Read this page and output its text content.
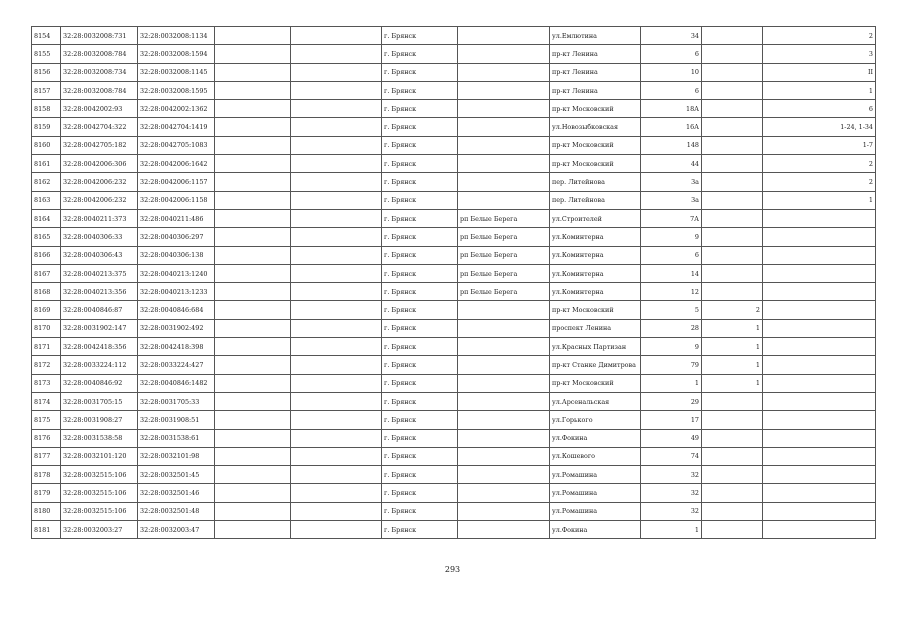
8154	32:28:0032008:731	32:28:0032008:1134			г. Брянск		ул.Емлютина	34		2
8155	32:28:0032008:784	32:28:0032008:1594			г. Брянск		пр-кт Ленина	6		3
8156	32:28:0032008:734	32:28:0032008:1145			г. Брянск		пр-кт Ленина	10		II
8157	32:28:0032008:784	32:28:0032008:1595			г. Брянск		пр-кт Ленина	6		1
8158	32:28:0042002:93	32:28:0042002:1362			г. Брянск		пр-кт Московский	18А		6
8159	32:28:0042704:322	32:28:0042704:1419			г. Брянск		ул.Новозыбковская	16А		1-24, 1-34
8160	32:28:0042705:182	32:28:0042705:1083			г. Брянск		пр-кт Московский	148		1-7
8161	32:28:0042006:306	32:28:0042006:1642			г. Брянск		пр-кт Московский	44		2
8162	32:28:0042006:232	32:28:0042006:1157			г. Брянск		пер. Литейнова	3а		2
8163	32:28:0042006:232	32:28:0042006:1158			г. Брянск		пер. Литейнова	3а		1
8164	32:28:0040211:373	32:28:0040211:486			г. Брянск	рп Белые Берега	ул.Строителей	7А		
8165	32:28:0040306:33	32:28:0040306:297			г. Брянск	рп Белые Берега	ул.Коминтерна	9		
8166	32:28:0040306:43	32:28:0040306:138			г. Брянск	рп Белые Берега	ул.Коминтерна	6		
8167	32:28:0040213:375	32:28:0040213:1240			г. Брянск	рп Белые Берега	ул.Коминтерна	14		
8168	32:28:0040213:356	32:28:0040213:1233			г. Брянск	рп Белые Берега	ул.Коминтерна	12		
8169	32:28:0040846:87	32:28:0040846:684			г. Брянск		пр-кт Московский	5	2	
8170	32:28:0031902:147	32:28:0031902:492			г. Брянск		проспект Ленина	28	1	
8171	32:28:0042418:356	32:28:0042418:398			г. Брянск		ул.Красных Партизан	9	1	
8172	32:28:0033224:112	32:28:0033224:427			г. Брянск		пр-кт Станке Димитрова	79	1	
8173	32:28:0040846:92	32:28:0040846:1482			г. Брянск		пр-кт Московский	1	1	
8174	32:28:0031705:15	32:28:0031705:33			г. Брянск		ул.Арсенальская	29		
8175	32:28:0031908:27	32:28:0031908:51			г. Брянск		ул.Горького	17		
8176	32:28:0031538:58	32:28:0031538:61			г. Брянск		ул.Фокина	49		
8177	32:28:0032101:120	32:28:0032101:98			г. Брянск		ул.Кошевого	74		
8178	32:28:0032515:106	32:28:0032501:45			г. Брянск		ул.Ромашина	32		
8179	32:28:0032515:106	32:28:0032501:46			г. Брянск		ул.Ромашина	32		
8180	32:28:0032515:106	32:28:0032501:48			г. Брянск		ул.Ромашина	32		
8181	32:28:0032003:27	32:28:0032003:47			г. Брянск		ул.Фокина	1		
293
